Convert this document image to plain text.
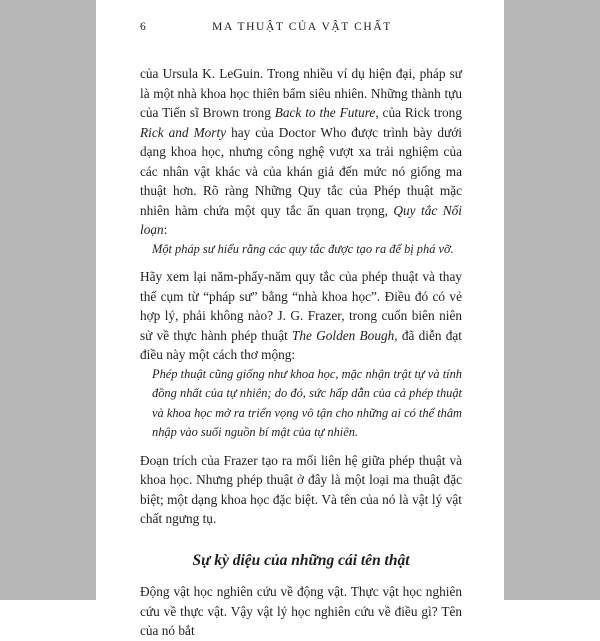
6	MA THUẬT CỦA VẬT CHẤT

của Ursula K. LeGuin. Trong nhiều ví dụ hiện đại, pháp sư là một nhà khoa học thiên bẩm siêu nhiên. Những thành tựu của Tiến sĩ Brown trong Back to the Future, của Rick trong Rick and Morty hay của Doctor Who được trình bày dưới dạng khoa học, nhưng công nghệ vượt xa trải nghiệm của các nhân vật khác và của khán giả đến mức nó giống ma thuật hơn. Rõ ràng Những Quy tắc của Phép thuật mặc nhiên hàm chứa một quy tắc ẩn quan trọng, Quy tắc Nổi loạn:

Một pháp sư hiểu rằng các quy tắc được tạo ra để bị phá vỡ.

Hãy xem lại năm-phẩy-năm quy tắc của phép thuật và thay thế cụm từ “pháp sư” bằng “nhà khoa học”. Điều đó có vẻ hợp lý, phải không nào? J. G. Frazer, trong cuốn biên niên sử về thực hành phép thuật The Golden Bough, đã diễn đạt điều này một cách thơ mộng:

Phép thuật cũng giống như khoa học, mặc nhận trật tự và tính đồng nhất của tự nhiên; do đó, sức hấp dẫn của cả phép thuật và khoa học mở ra triển vọng vô tận cho những ai có thể thâm nhập vào suối nguồn bí mật của tự nhiên.

Đoạn trích của Frazer tạo ra mối liên hệ giữa phép thuật và khoa học. Nhưng phép thuật ở đây là một loại ma thuật đặc biệt; một dạng khoa học đặc biệt. Và tên của nó là vật lý vật chất ngưng tụ.

Sự kỳ diệu của những cái tên thật

Động vật học nghiên cứu về động vật. Thực vật học nghiên cứu về thực vật. Vậy vật lý học nghiên cứu về điều gì? Tên của nó bắt
